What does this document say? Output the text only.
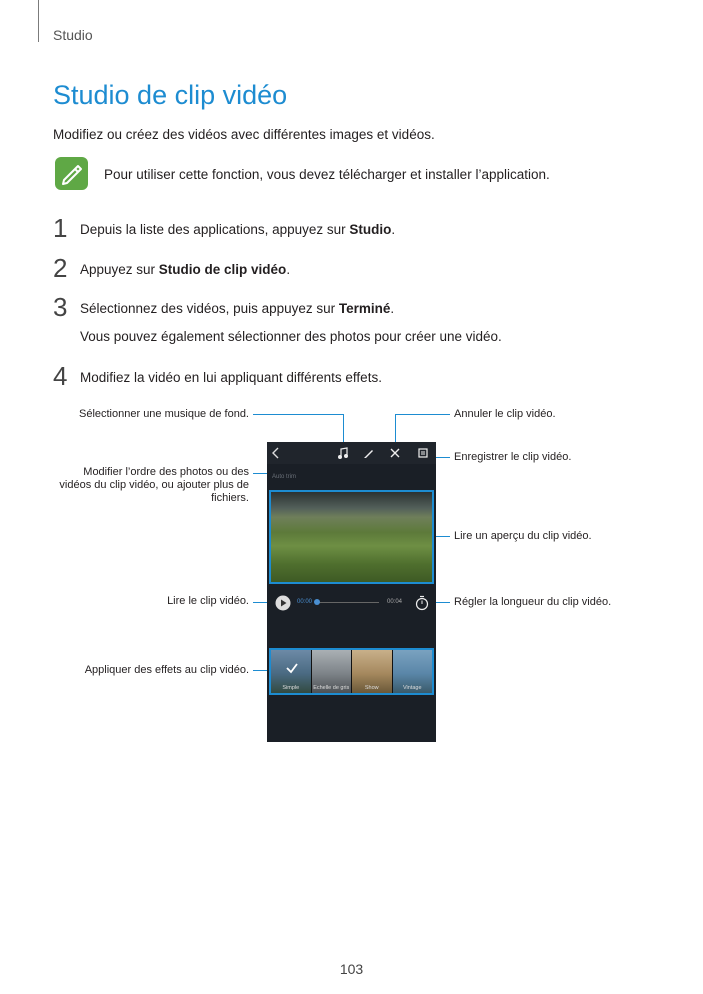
Studio
Studio de clip vidéo
Modifiez ou créez des vidéos avec différentes images et vidéos.
Pour utiliser cette fonction, vous devez télécharger et installer l’application.
1 Depuis la liste des applications, appuyez sur Studio.
2 Appuyez sur Studio de clip vidéo.
3 Sélectionnez des vidéos, puis appuyez sur Terminé.
Vous pouvez également sélectionner des photos pour créer une vidéo.
4 Modifiez la vidéo en lui appliquant différents effets.
Sélectionner une musique de fond.
Modifier l’ordre des photos ou des vidéos du clip vidéo, ou ajouter plus de fichiers.
Lire le clip vidéo.
Appliquer des effets au clip vidéo.
Annuler le clip vidéo.
Enregistrer le clip vidéo.
Lire un aperçu du clip vidéo.
Régler la longueur du clip vidéo.
Auto trim
00:00	00:04
Simple	Echelle de gris	Show	Vintage
103
